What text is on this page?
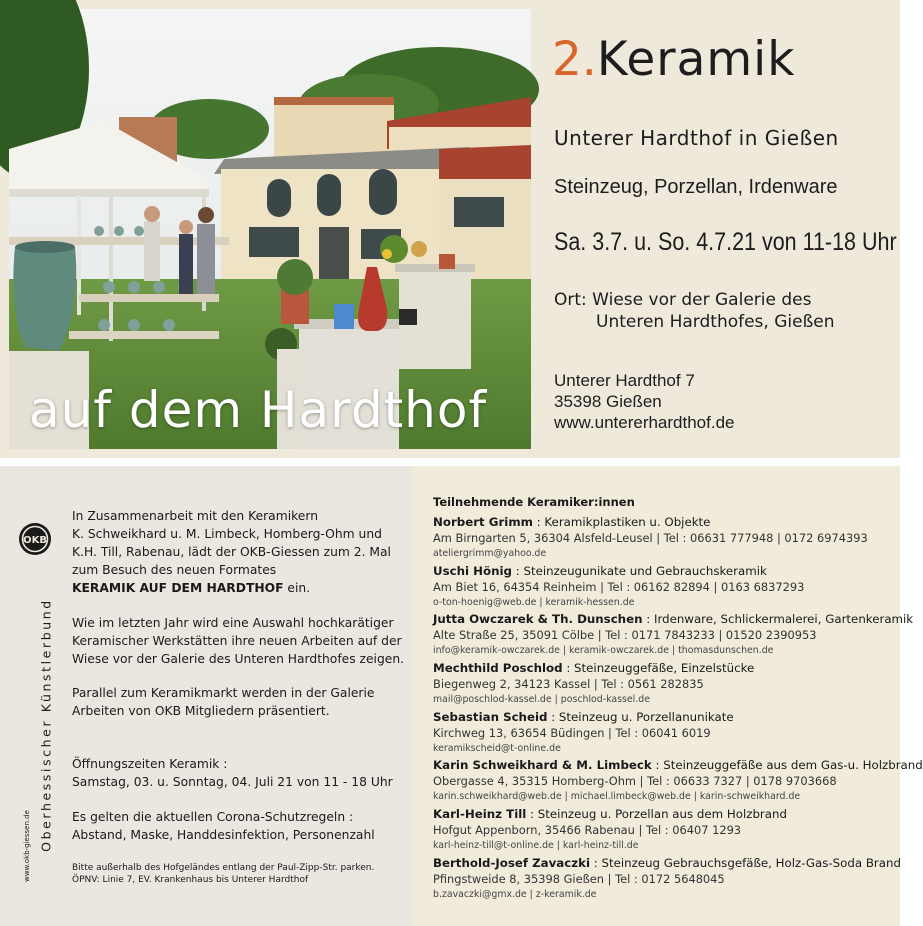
auf dem Hardthof
2.Keramik
Unterer Hardthof in Gießen
Steinzeug, Porzellan, Irdenware
Sa. 3.7. u. So. 4.7.21 von 11-18 Uhr
Ort: Wiese vor der Galerie des
Unteren Hardthofes, Gießen
Unterer Hardthof 7
35398 Gießen
www.untererhardthof.de
OKB
Oberhessischer Künstlerbund
www.okb-giessen.de
In Zusammenarbeit mit den Keramikern
K. Schweikhard u. M. Limbeck, Homberg-Ohm und
K.H. Till, Rabenau, lädt der OKB-Giessen zum 2. Mal
zum Besuch des neuen Formates
KERAMIK AUF DEM HARDTHOF ein.
Wie im letzten Jahr wird eine Auswahl hochkarätiger
Keramischer Werkstätten ihre neuen Arbeiten auf der
Wiese vor der Galerie des Unteren Hardthofes zeigen.
Parallel zum Keramikmarkt werden in der Galerie
Arbeiten von OKB Mitgliedern präsentiert.
Öffnungszeiten Keramik :
Samstag, 03. u. Sonntag, 04. Juli 21 von 11 - 18 Uhr
Es gelten die aktuellen Corona-Schutzregeln :
Abstand, Maske, Handdesinfektion, Personenzahl
Bitte außerhalb des Hofgeländes entlang der Paul-Zipp-Str. parken.
ÖPNV: Linie 7, EV. Krankenhaus bis Unterer Hardthof
Teilnehmende Keramiker:innen
Norbert Grimm : Keramikplastiken u. Objekte
Am Birngarten 5, 36304 Alsfeld-Leusel | Tel : 06631 777948 | 0172 6974393
ateliergrimm@yahoo.de
Uschi Hönig : Steinzeugunikate und Gebrauchskeramik
Am Biet 16, 64354 Reinheim | Tel : 06162 82894 | 0163 6837293
o-ton-hoenig@web.de | keramik-hessen.de
Jutta Owczarek & Th. Dunschen : Irdenware, Schlickermalerei, Gartenkeramik
Alte Straße 25, 35091 Cölbe | Tel : 0171 7843233 | 01520 2390953
info@keramik-owczarek.de | keramik-owczarek.de | thomasdunschen.de
Mechthild Poschlod : Steinzeuggefäße, Einzelstücke
Biegenweg 2, 34123 Kassel | Tel : 0561 282835
mail@poschlod-kassel.de | poschlod-kassel.de
Sebastian Scheid : Steinzeug u. Porzellanunikate
Kirchweg 13, 63654 Büdingen | Tel : 06041 6019
keramikscheid@t-online.de
Karin Schweikhard & M. Limbeck : Steinzeuggefäße aus dem Gas-u. Holzbrand
Obergasse 4, 35315 Homberg-Ohm | Tel : 06633 7327 | 0178 9703668
karin.schweikhard@web.de | michael.limbeck@web.de | karin-schweikhard.de
Karl-Heinz Till : Steinzeug u. Porzellan aus dem Holzbrand
Hofgut Appenborn, 35466 Rabenau | Tel : 06407 1293
karl-heinz-till@t-online.de | karl-heinz-till.de
Berthold-Josef Zavaczki : Steinzeug Gebrauchsgefäße, Holz-Gas-Soda Brand
Pfingstweide 8, 35398 Gießen | Tel : 0172 5648045
b.zavaczki@gmx.de | z-keramik.de
